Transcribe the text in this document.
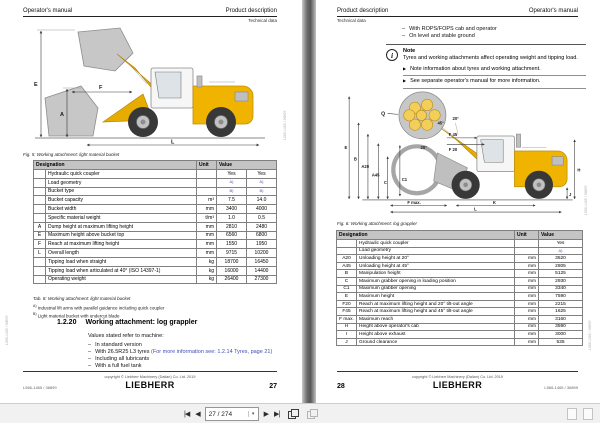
Operator's manual	Product description
Technical data
E
A
F
L
Fig. 5: Working attachment: light material bucket
Designation		Unit	Value	
	Hydraulic quick coupler		Yes	Yes
	Load geometry		A)	A)
	Bucket type		B)	B)
	Bucket capacity	m³	7.5	14.0
	Bucket width	mm	3400	4000
	Specific material weight	t/m³	1.0	0.5
A	Dump height at maximum lifting height	mm	2810	2480
E	Maximum height above bucket top	mm	6560	6800
F	Reach at maximum lifting height	mm	1550	1950
L	Overall length	mm	9715	10200
	Tipping load when straight	kg	18700	16450
	Tipping load when articulated at 40° (ISO 14397-1)	kg	16000	14400
	Operating weight	kg	26400	27300
Tab. 8: Working attachment: light material bucket
$^{A)}$ Industrial lift arms with parallel guidance including quick coupler
$^{B)}$ Light material bucket with undercut blade
1.2.20 Working attachment: log grappler
Values stated refer to machine:
– In standard version
– With 26.5R25 L3 tyres (For more information see: 1.2.14 Tyres, page 21)
– Including all lubricants
– With a full fuel tank
L566-1465 / 36899
copyright © Liebherr Machinery (Dalian) Co. Ltd. 2019
LIEBHERR	27
L566-1465 / 36899
L566-1465 / 36899
Product description	Operator's manual
Technical data
– With ROPS/FOPS cab and operator
– On level and stable ground
i Note
Tyres and working attachments affect operating weight and tipping load.
▶ Note information about tyres and working attachment.
▶ See separate operator's manual for more information.
Q
E
B
A20
A45
C
C1
45°
20°
20°
F 45
F 20
H
J
F max.	K
L
Fig. 6: Working attachment: log grappler
Designation		Unit	Value
	Hydraulic quick coupler		Yes
	Load geometry		A)
A20	Unloading height at 20°	mm	3520
A45	Unloading height at 45°	mm	2805
B	Manipulation height	mm	5125
C	Maximum grabber opening in loading position	mm	2930
C1	Maximum grabber opening	mm	3340
E	Maximum height	mm	7590
F20	Reach at maximum lifting height and 20° tilt-out angle	mm	2215
F45	Reach at maximum lifting height and 45° tilt-out angle	mm	1625
F max.	Maximum reach	mm	3160
H	Height above operator's cab	mm	3590
I	Height above exhaust	mm	3000
J	Ground clearance	mm	535
28
copyright © Liebherr Machinery (Dalian) Co. Ltd. 2019
LIEBHERR	L566-1465 / 36899
L566-1465 / 36899
L566-1465 / 36899
|◀ ◀	27 / 274	▾	▶ ▶|
